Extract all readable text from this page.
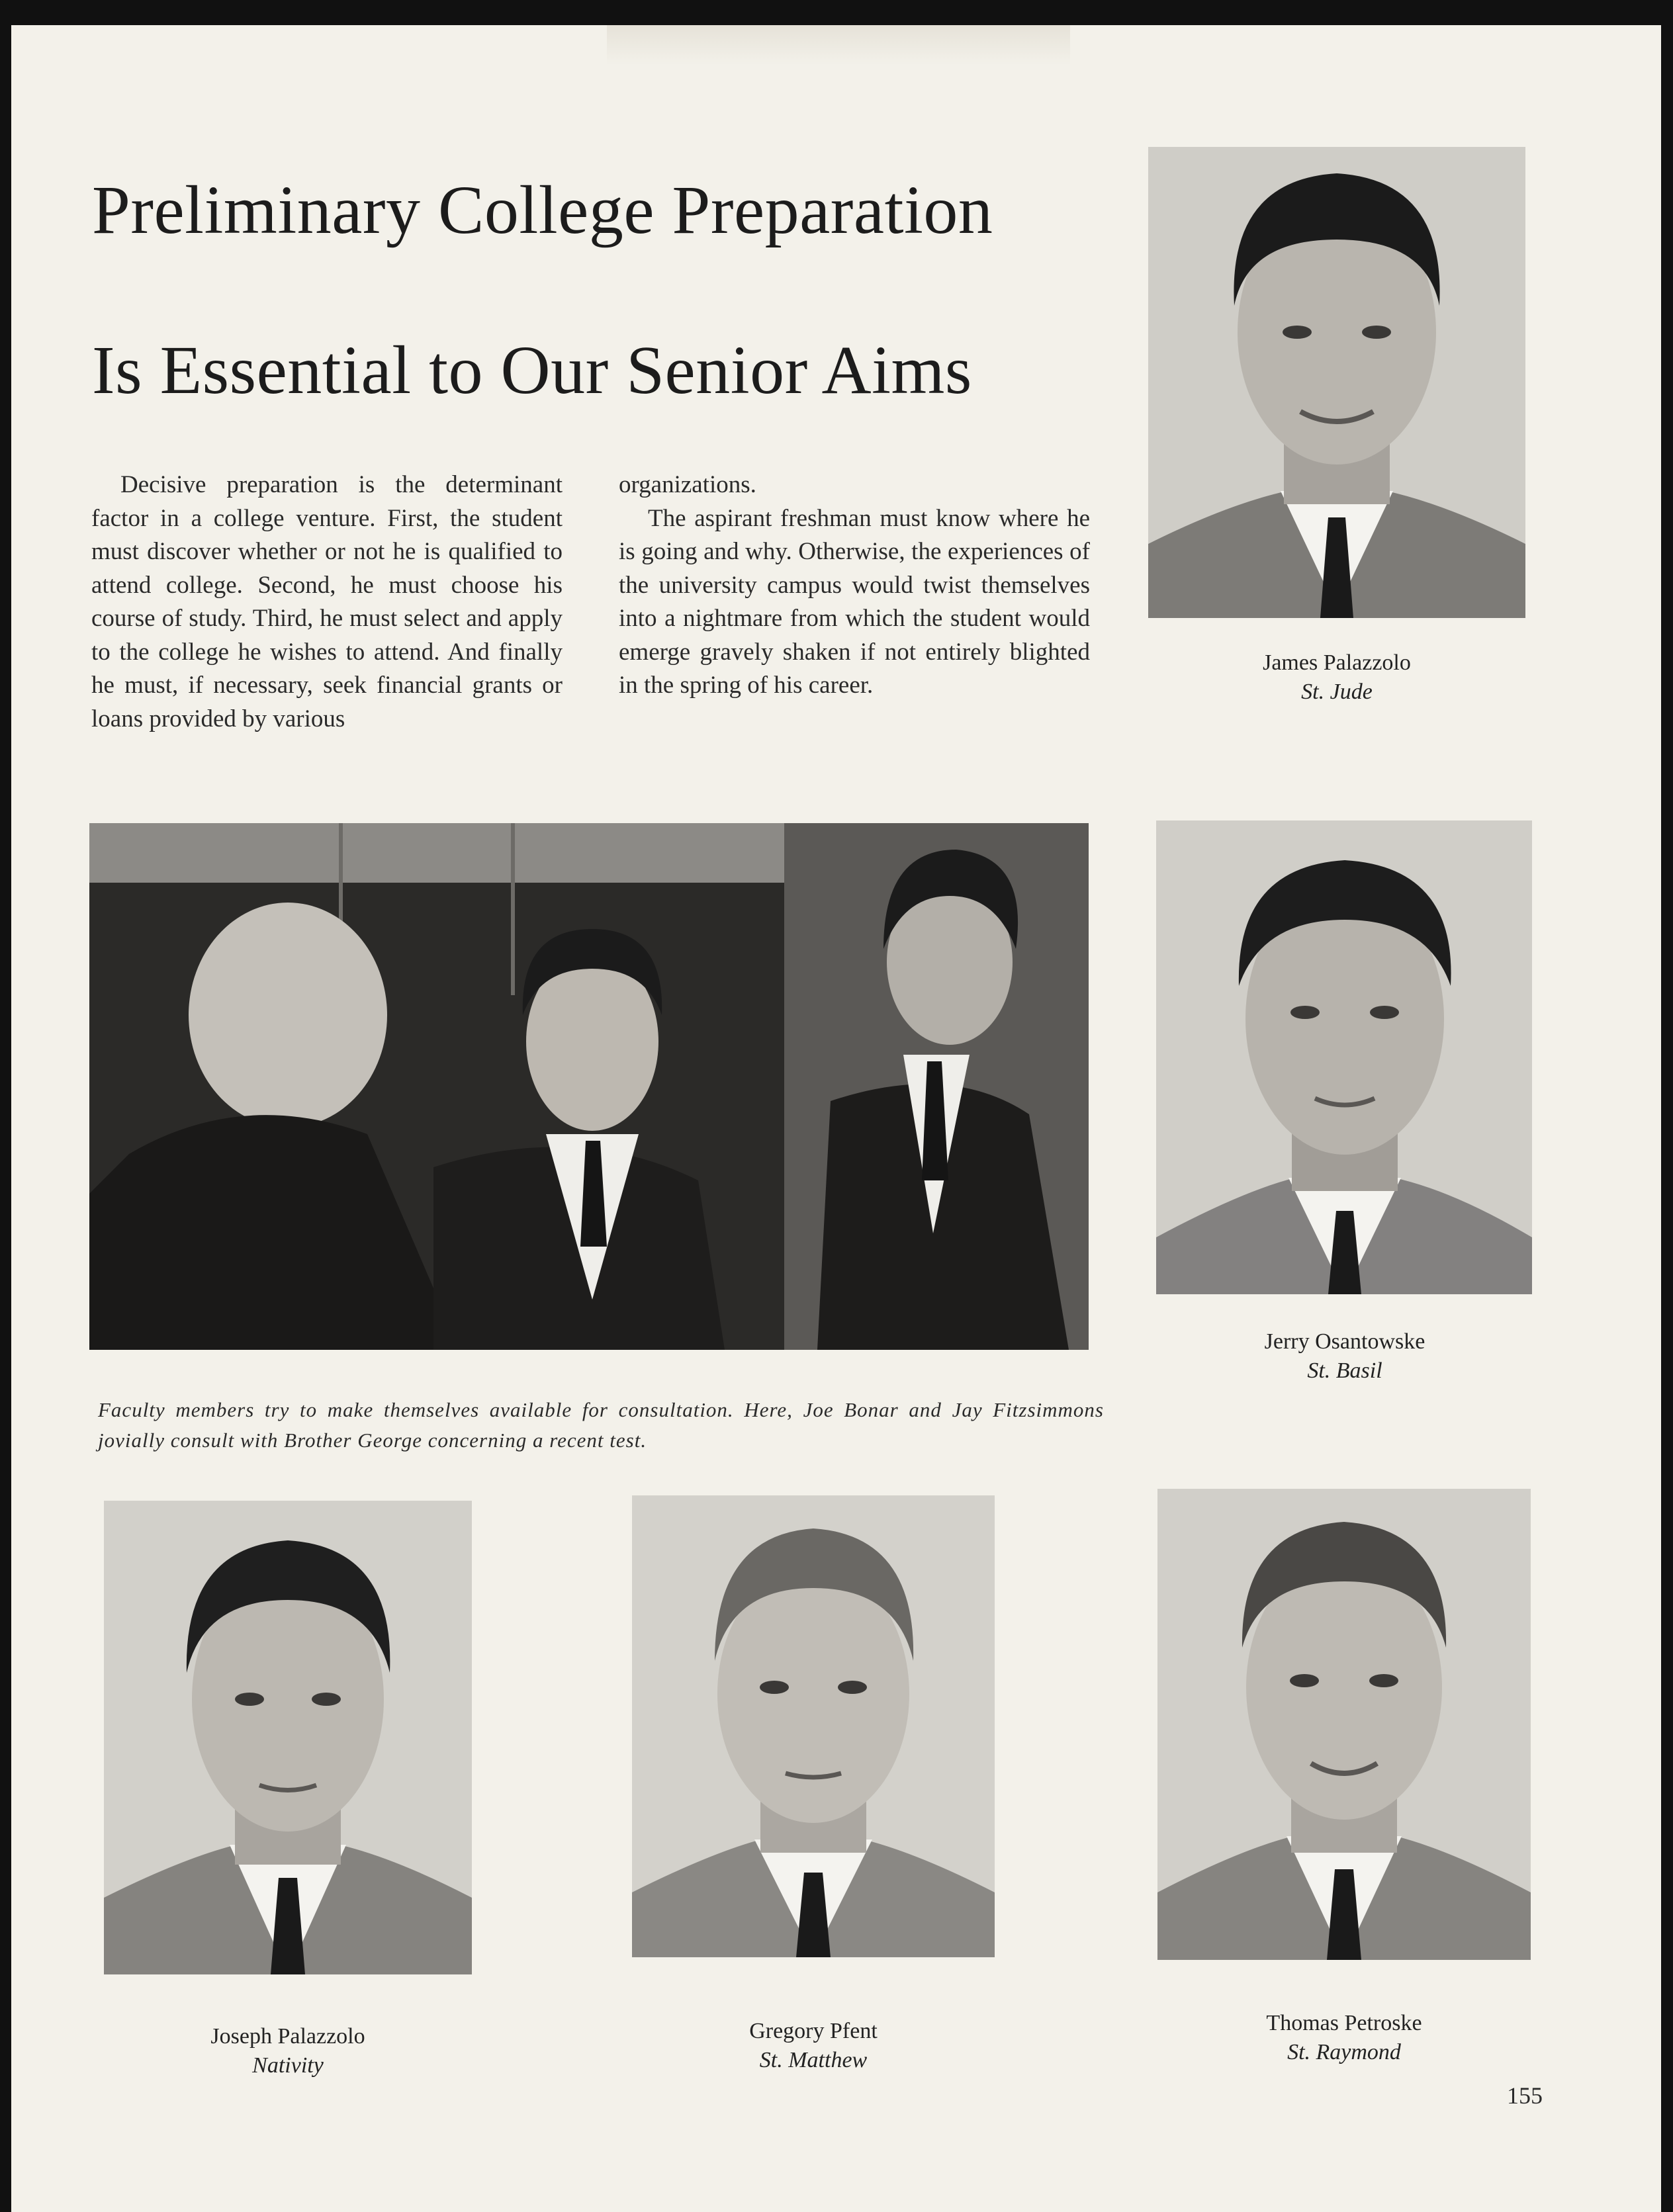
Preliminary College Preparation
Is Essential to Our Senior Aims

Decisive preparation is the determinant factor in a college venture. First, the student must discover whether or not he is qualified to attend college. Second, he must choose his course of study. Third, he must select and apply to the college he wishes to attend. And finally he must, if necessary, seek financial grants or loans provided by various

organizations.

The aspirant freshman must know where he is going and why. Otherwise, the experiences of the university campus would twist themselves into a nightmare from which the student would emerge gravely shaken if not entirely blighted in the spring of his career.

James Palazzolo
St. Jude

Faculty members try to make themselves available for consultation. Here, Joe Bonar and Jay Fitzsimmons jovially consult with Brother George concerning a recent test.

Jerry Osantowske
St. Basil
Joseph Palazzolo
Nativity
Gregory Pfent
St. Matthew
Thomas Petroske
St. Raymond
155
